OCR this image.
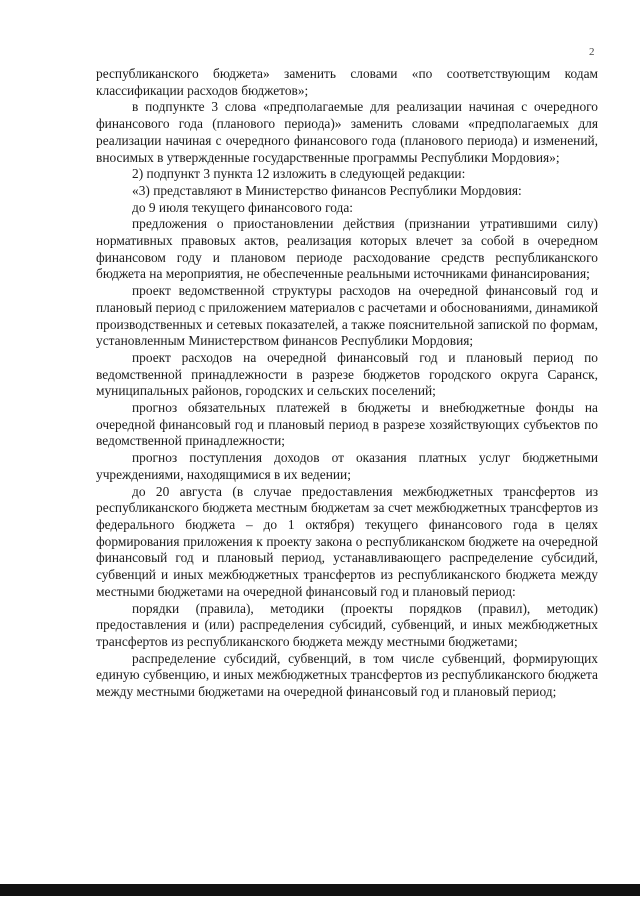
2

республиканского бюджета» заменить словами «по соответствующим кодам классификации расходов бюджетов»;

в подпункте 3 слова «предполагаемые для реализации начиная с очередного финансового года (планового периода)» заменить словами «предполагаемых для реализации начиная с очередного финансового года (планового периода) и изменений, вносимых в утвержденные государственные программы Республики Мордовия»;

2) подпункт 3 пункта 12 изложить в следующей редакции:

«3) представляют в Министерство финансов Республики Мордовия:

до 9 июля текущего финансового года:

предложения о приостановлении действия (признании утратившими силу) нормативных правовых актов, реализация которых влечет за собой в очередном финансовом году и плановом периоде расходование средств республиканского бюджета на мероприятия, не обеспеченные реальными источниками финансирования;

проект ведомственной структуры расходов на очередной финансовый год и плановый период с приложением материалов с расчетами и обоснованиями, динамикой производственных и сетевых показателей, а также пояснительной запиской по формам, установленным Министерством финансов Республики Мордовия;

проект расходов на очередной финансовый год и плановый период по ведомственной принадлежности в разрезе бюджетов городского округа Саранск, муниципальных районов, городских и сельских поселений;

прогноз обязательных платежей в бюджеты и внебюджетные фонды на очередной финансовый год и плановый период в разрезе хозяйствующих субъектов по ведомственной принадлежности;

прогноз поступления доходов от оказания платных услуг бюджетными учреждениями, находящимися в их ведении;

до 20 августа (в случае предоставления межбюджетных трансфертов из республиканского бюджета местным бюджетам за счет межбюджетных трансфертов из федерального бюджета – до 1 октября) текущего финансового года в целях формирования приложения к проекту закона о республиканском бюджете на очередной финансовый год и плановый период, устанавливающего распределение субсидий, субвенций и иных межбюджетных трансфертов из республиканского бюджета между местными бюджетами на очередной финансовый год и плановый период:

порядки (правила), методики (проекты порядков (правил), методик) предоставления и (или) распределения субсидий, субвенций, и иных межбюджетных трансфертов из республиканского бюджета между местными бюджетами;

распределение субсидий, субвенций, в том числе субвенций, формирующих единую субвенцию, и иных межбюджетных трансфертов из республиканского бюджета между местными бюджетами на очередной финансовый год и плановый период;
